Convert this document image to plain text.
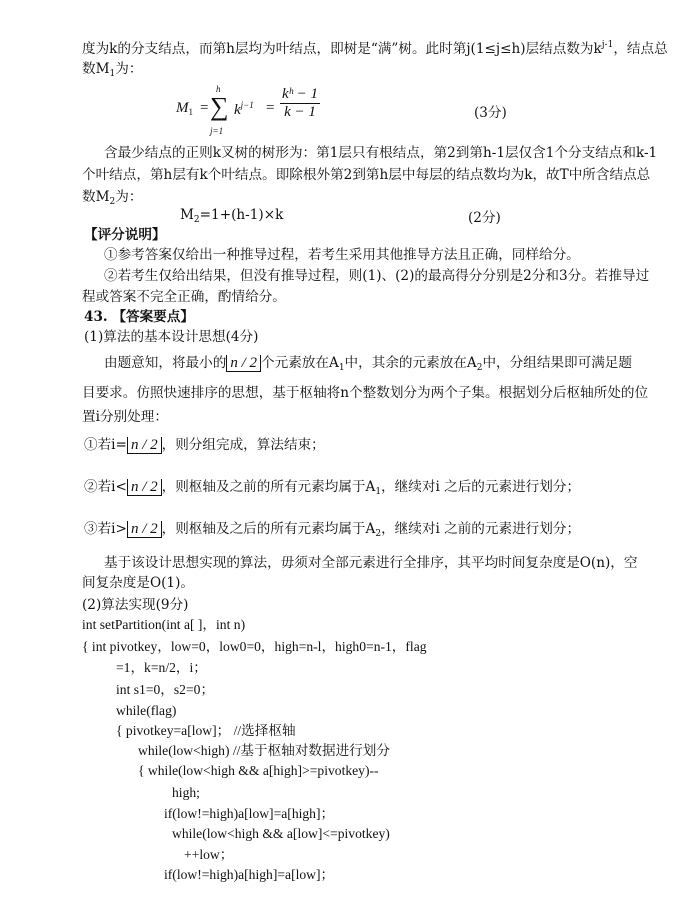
度为k的分支结点，而第h层均为叶结点，即树是“满”树。此时第j(1≤j≤h)层结点数为$k^{j-1}$，结点总
数$M_1$为：
$M_1$ =
h
∑
j=1
$k^{j-1} = \frac{\text{kʰ − 1}}{k - 1}$	(3分)
含最少结点的正则k叉树的树形为：第1层只有根结点，第2到第h-1层仅含1个分支结点和k-1
个叶结点，第h层有k个叶结点。即除根外第2到第h层中每层的结点数均为k，故T中所含结点总
数$M_2$为：
$M_2=1+(h-1)\times k$	(2分)
【评分说明】
①参考答案仅给出一种推导过程，若考生采用其他推导方法且正确，同样给分。
②若考生仅给出结果，但没有推导过程，则(1)、(2)的最高得分分别是2分和3分。若推导过
程或答案不完全正确，酌情给分。
43. 【答案要点】
(1)算法的基本设计思想(4分)
由题意知，将最小的 n / 2 个元素放在$A_1$中，其余的元素放在$A_2$中，分组结果即可满足题
目要求。仿照快速排序的思想，基于枢轴将n个整数划分为两个子集。根据划分后枢轴所处的位
置i分别处理：
①若i= n / 2 ，则分组完成，算法结束；
②若i< n / 2 ，则枢轴及之前的所有元素均属于$A_1$，继续对i 之后的元素进行划分；
③若i> n / 2 ，则枢轴及之后的所有元素均属于$A_2$，继续对i 之前的元素进行划分；
基于该设计思想实现的算法，毋须对全部元素进行全排序，其平均时间复杂度是O(n)，空
间复杂度是O(1)。
(2)算法实现(9分)
int setPartition(int a[ ]，int n)
{ int pivotkey，low=0，low0=0，high=n-l，high0=n-1，flag
=1，k=n/2，i；
int s1=0，s2=0；
while(flag)
{ pivotkey=a[low]； //选择枢轴
while(low<high) //基于枢轴对数据进行划分
{ while(low<high && a[high]>=pivotkey)--
high;
if(low!=high)a[low]=a[high]；
while(low<high && a[low]<=pivotkey)
++low；
if(low!=high)a[high]=a[low]；
